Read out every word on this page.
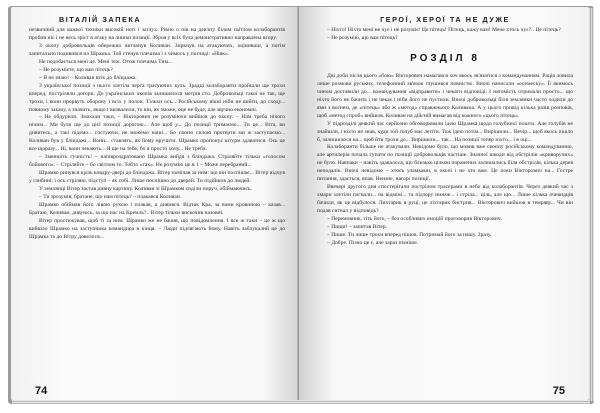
ВІТАЛІЙ ЗАПЕКА

незвичний для важкої техніки високій ноті і заглух. Рівно о пів на дев'яту білим світлом колаборантів пробив ніс і не весь зріст в атаку на лишки позиції. Зброя у всіх була демонстративно направлена вгору.

З окопу добровольців обережно виглянув Коливан. Зиркнув на атакуючих, оцінивши, а потім запитально подивився на Шрамка. Той стенув плечима і з чимось у погляді: «Ніяк».

Не подобається мені це. Мені теж. Отож плечима Тим...

– Не розумієте, що вам пітець?

– Я не знаю! – Коливан втік до бліндажа.

З української позиції з нього злетіла черга трасуючих куль. Зрадці колаборанти пройшли ще трохи вперед, постріляли догори. До українських окопів залишилося метрів сто. Добровольці такої не так, ще трохи, і вони прорвуть оборону і всіх у полон. Тільки ось... Російському вікні ніби не вийти, до сходу... повному закачу, а значить, якщо і визвалили, то він, як зможе, оце не буде, але звучно економні.

– Не обдурили. Змахали таки, – Вікторович не розуміючи вийшов до окопу. – Нам треба нічого нічим... Ми були ще до цієї позиції дорогою... Але щоб у... До позиції тримаємо... Ти це... Віта, ви дивитесь, а такі підемо... гостуючи, не можемо наші... Бо своєю силою протерти ми ж заступаємо... Коливан був у бліндажі... Вони... ставлять, як йому вручити. Шрамко пропонує штурм здаватися. Ось це все щоразу... Ні, вони чекають... Я ще на тебе, бо я просто хочу... Не треба.

– Зменшіть гучність! – напівроздратовано Шрамко вийдя з бліндажа. Стріляйте тільки «голосом бойового». – Стріляйте – бо світлом то. Тобто «так». Не розумію це я. І – Може перебраний...

Шрамко ринувся крізь ковдру-двері до бліндажа. Вітер помічав за ним: що він поспішає... Вітер відчув у глибині: і ось стріляю, підступ – як собі. Лише поспішно до дверей. Ти підійшов до людей.

У землянці Вітер застав дивну картину. Коливан зі Шрамком сиділи поруч, обіймаючись.

– Ти зрозумів, братане, що нам пітець? – плакався Коливан.

Шрамко обіймав його лівою рукою і плакав, а дивився. Відтак Кра, за вами кровиною – казав... Братаю, Коливан, дивуюсь, за що нас на Кремль?.. Вітер тільки вискочив назовні.

Вітер простежував, щоб ті за ним. Шрамко же не бачив, що повідомлення. І все ж таки – це ж що вийшло Шрамко на заступника командира в кінця. – Люди підлягають йому. Навіть заблукалий це до Шрамка та до Вітру довелося...

74
ГЕРОЇ, ХЕРОЇ ТА НЕ ДУЖЕ

– Ніхто! Ніхто мені не чує і не розуміє! Це пітець! Пітець, кажу вам! Мене хтось чує?.. Це пітець?

– Не розумію, що вам пітець?

РОЗДІЛ 8

Дві доби після цього «бою» Вікторович намагався хоч якось зв'язатися з командуванням. Рація ловила лише розмови руських, телефонний зв'язок глушився повністю. Вночі написали «есемеску». Її якимось чином доставили до... командування «відправити» і чекати відповіді. І натомість отримали просто... що ніхто його не бачить і не чекає і ніби його не пустили. Вночі добровольці біля землянки часто ходили до ями з вогнем, де «пітець» або ж «метод» справжнього Коливана. А у цього привід кілька разів розповів, щоб «метод спроб» вийшов. Коливан на дійсній вимагав від кожного «цього пітець».

У підрозділі деякий час серйозно обговорювали ідею Шрамка щодо голубиної пошти. Але голубів не знайшли, і ніхто не знав, куди той голуб має летіти. Тож ідею потім... Вирішили... Вечір... щоб якось пішло б, залишилося на... щоб йти трохи до... Вирішили... так... На позиції тепер ніхто... і в оці...

Колаборанти більше не атакували. Невідомо було, що мовив вже своєму російському командуванню, але артилерія почала гупати по позиції добровольців частіше. Значної шкоди від обстрілів «криворучих» не було. Навпаки – навіть здавалося, що близько цілком поранених залишались біля обстрілів, кілька дерев неподалік. Вночі невідомо – хтось уламками, в окопі і не хто вже. Це поки Вікторович на... Гостре питання, здається, впав. Неначе, нагорі позиції.

Ввечері другого дня спостерігали пострілом трасерами в небо від колаборантів. Через деякий час з хмари злетіли сигнали... на відміні... та підзору нижче... і стріла... ціль, але що... Лише кілька очевидців бачили, як це відбулося. Лихтарик в руці, це ліхтарик бистрив... Вікторович вийшов в темряву... Чи він подав сигнал у відповідь?

– Перемовник, гіть його, – без особливих емоцій проговорив Вікторович.

– Пищи! – запитав Вітер.

– Пише. Ти лише трохи вперед пішов. Потримай його за нашу. Зразу.

– Добре. Пізно це є, але зараз пізніше.

75
